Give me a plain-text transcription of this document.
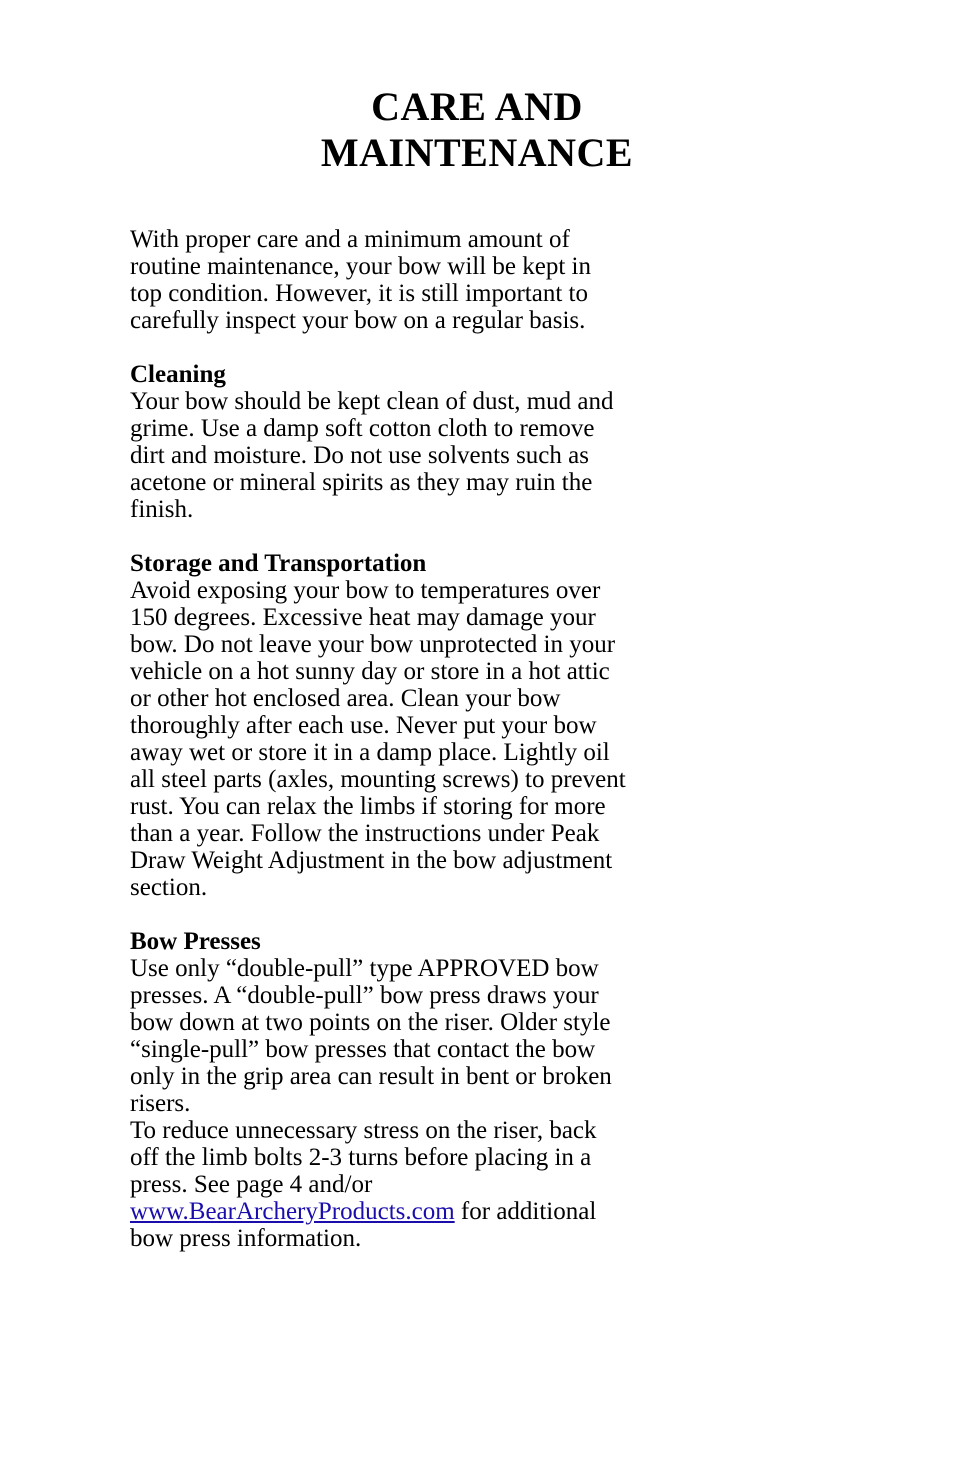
CARE AND
MAINTENANCE

With proper care and a minimum amount of
routine maintenance, your bow will be kept in
top condition. However, it is still important to
carefully inspect your bow on a regular basis.

Cleaning
Your bow should be kept clean of dust, mud and
grime. Use a damp soft cotton cloth to remove
dirt and moisture. Do not use solvents such as
acetone or mineral spirits as they may ruin the
finish.

Storage and Transportation
Avoid exposing your bow to temperatures over
150 degrees. Excessive heat may damage your
bow. Do not leave your bow unprotected in your
vehicle on a hot sunny day or store in a hot attic
or other hot enclosed area. Clean your bow
thoroughly after each use. Never put your bow
away wet or store it in a damp place. Lightly oil
all steel parts (axles, mounting screws) to prevent
rust. You can relax the limbs if storing for more
than a year. Follow the instructions under Peak
Draw Weight Adjustment in the bow adjustment
section.

Bow Presses
Use only “double-pull” type APPROVED bow
presses. A “double-pull” bow press draws your
bow down at two points on the riser. Older style
“single-pull” bow presses that contact the bow
only in the grip area can result in bent or broken
risers.
To reduce unnecessary stress on the riser, back
off the limb bolts 2-3 turns before placing in a
press. See page 4 and/or
www.BearArcheryProducts.com for additional
bow press information.
